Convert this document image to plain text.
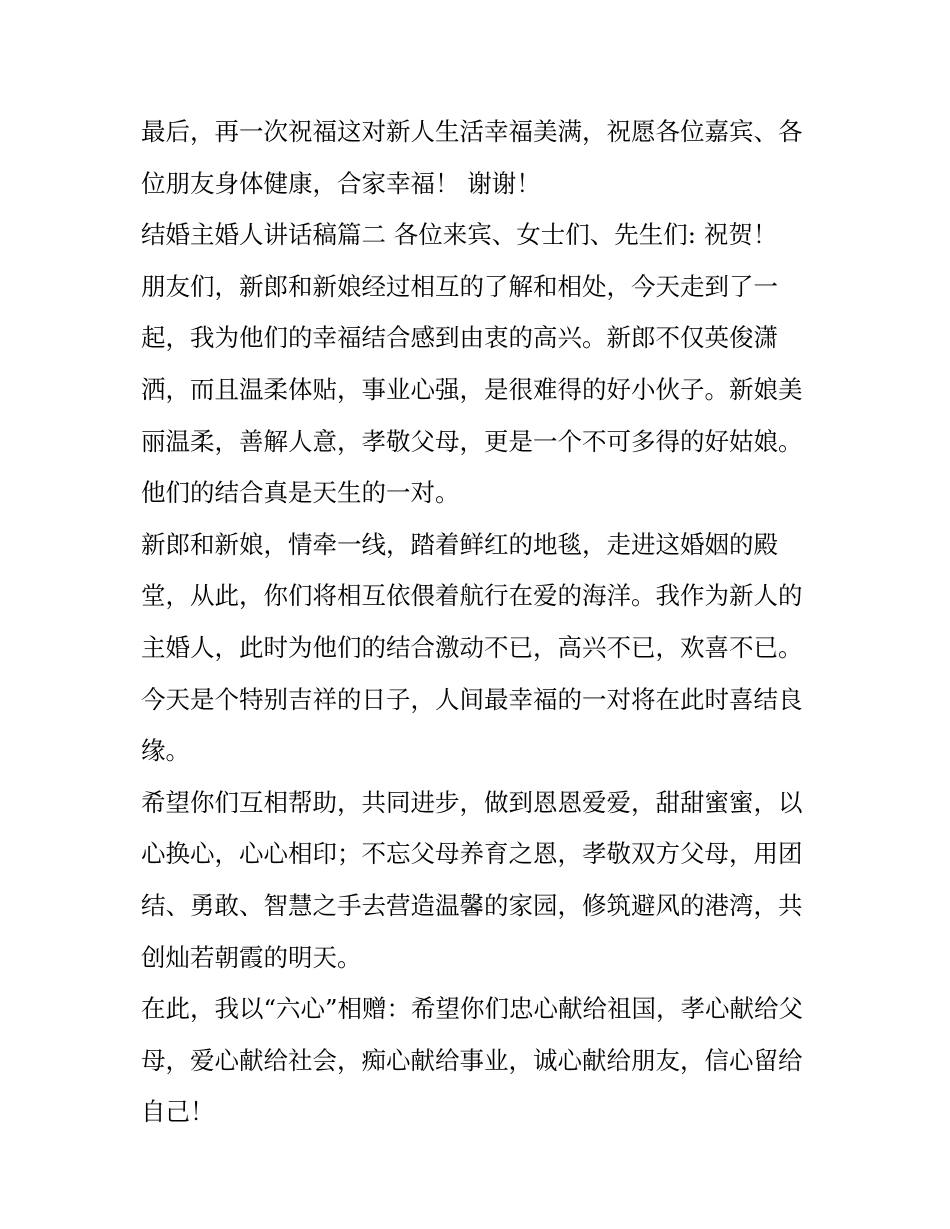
最后，再一次祝福这对新人生活幸福美满，祝愿各位嘉宾、各
位朋友身体健康，合家幸福！ 谢谢！

结婚主婚人讲话稿篇二 各位来宾、女士们、先生们: 祝贺！

朋友们，新郎和新娘经过相互的了解和相处，今天走到了一
起，我为他们的幸福结合感到由衷的高兴。新郎不仅英俊潇
洒，而且温柔体贴，事业心强，是很难得的好小伙子。新娘美
丽温柔，善解人意，孝敬父母，更是一个不可多得的好姑娘。
他们的结合真是天生的一对。

新郎和新娘，情牵一线，踏着鲜红的地毯，走进这婚姻的殿
堂，从此，你们将相互依偎着航行在爱的海洋。我作为新人的
主婚人，此时为他们的结合激动不已，高兴不已，欢喜不已。
今天是个特别吉祥的日子，人间最幸福的一对将在此时喜结良
缘。

希望你们互相帮助，共同进步，做到恩恩爱爱，甜甜蜜蜜，以
心换心，心心相印；不忘父母养育之恩，孝敬双方父母，用团
结、勇敢、智慧之手去营造温馨的家园，修筑避风的港湾，共
创灿若朝霞的明天。

在此，我以“六心”相赠：希望你们忠心献给祖国，孝心献给父
母，爱心献给社会，痴心献给事业，诚心献给朋友，信心留给
自己！
